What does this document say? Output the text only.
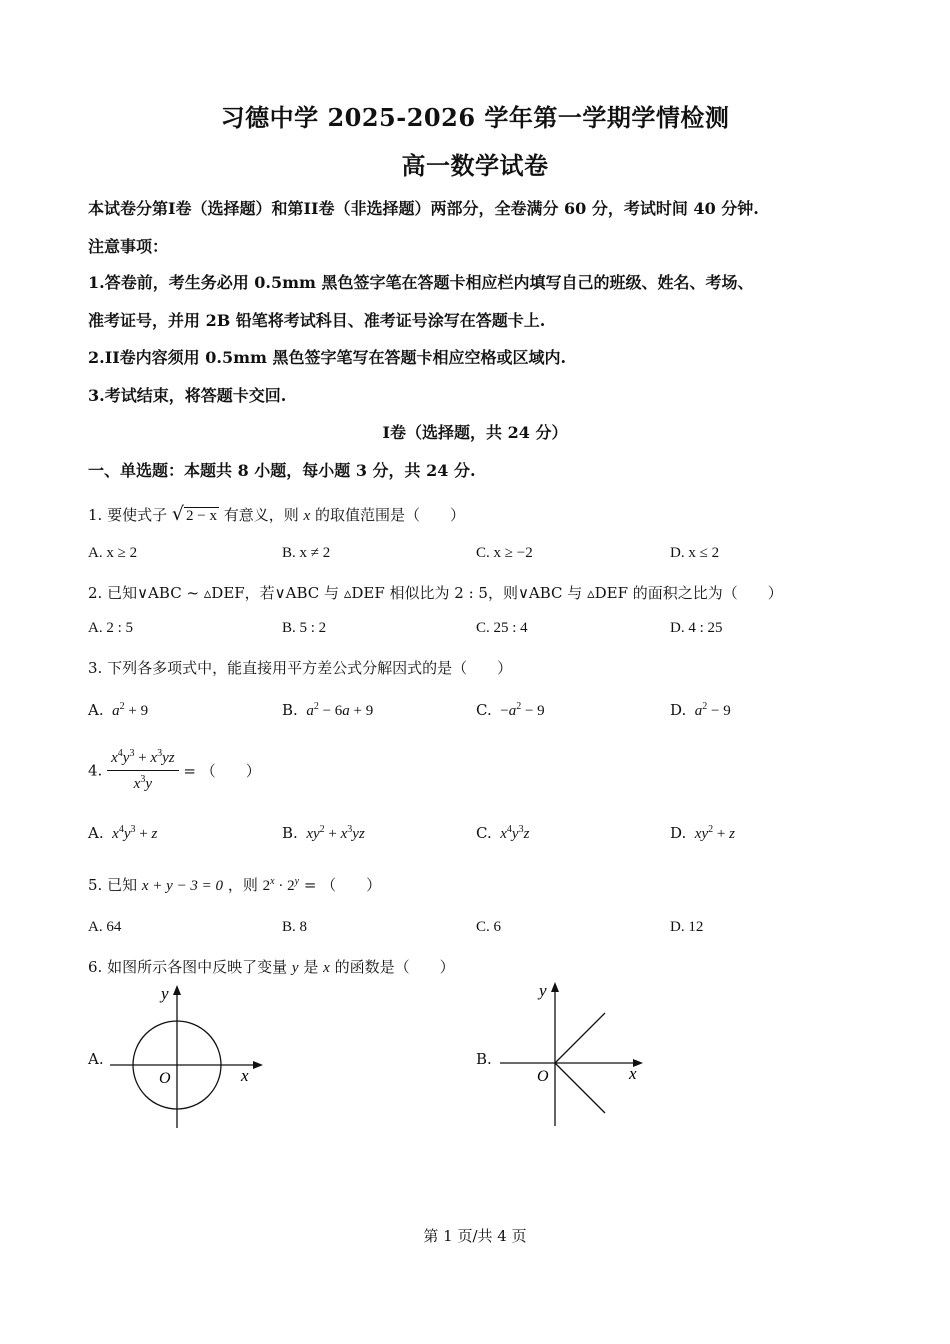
习德中学 2025-2026 学年第一学期学情检测
高一数学试卷
本试卷分第I卷（选择题）和第II卷（非选择题）两部分，全卷满分 60 分，考试时间 40 分钟.
注意事项：
1.答卷前，考生务必用 0.5mm 黑色签字笔在答题卡相应栏内填写自己的班级、姓名、考场、
准考证号，并用 2B 铅笔将考试科目、准考证号涂写在答题卡上.
2.II卷内容须用 0.5mm 黑色签字笔写在答题卡相应空格或区域内.
3.考试结束，将答题卡交回.
I卷（选择题，共 24 分）
一、单选题：本题共 8 小题，每小题 3 分，共 24 分.
1. 要使式子 √ 2 − x 有意义，则 x 的取值范围是（　　）
A. x ≥ 2	B. x ≠ 2	C. x ≥ −2	D. x ≤ 2
2. 已知∨ABC ~ ▵DEF，若∨ABC 与 ▵DEF 相似比为 2 : 5，则∨ABC 与 ▵DEF 的面积之比为（　　）
A. 2 : 5	B. 5 : 2	C. 25 : 4	D. 4 : 25
3. 下列各多项式中，能直接用平方差公式分解因式的是（　　）
A.  $a^2 + 9$	B.  $a^2 - 6a + 9$	C. $-a^2 - 9$	D.  $a^2 - 9$
4. $\frac{x^4y^3 + x^3yz}{x^3y}$ = （　　）
A.  $x^4y^3 + z$	B.  $xy^2 + x^3yz$	C.  $x^4y^3z$	D.  $xy^2 + z$
5. 已知 x + y − 3 = 0 ，则 $2^x \cdot 2^y$ = （　　）
A. 64	B. 8	C. 6	D. 12
6. 如图所示各图中反映了变量 y 是 x 的函数是（　　）
A.	B.
O	x
y
O	x
y
第 1 页/共 4 页
